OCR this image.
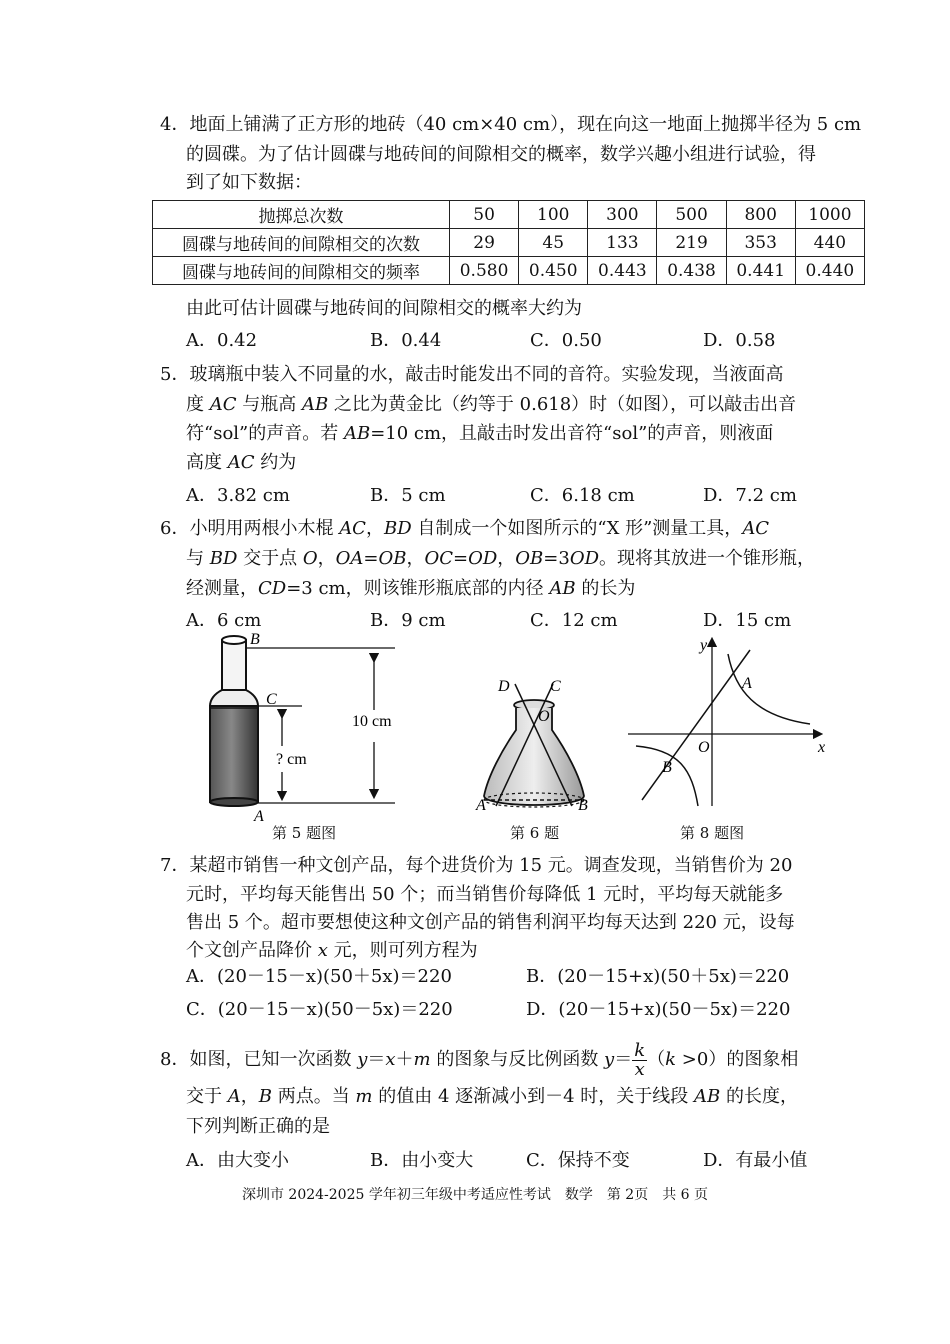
4．地面上铺满了正方形的地砖（40 cm×40 cm），现在向这一地面上抛掷半径为 5 cm
的圆碟。为了估计圆碟与地砖间的间隙相交的概率，数学兴趣小组进行试验，得
到了如下数据：
抛掷总次数	50	100	300	500	800	1000
圆碟与地砖间的间隙相交的次数	29	45	133	219	353	440
圆碟与地砖间的间隙相交的频率	0.580	0.450	0.443	0.438	0.441	0.440
由此可估计圆碟与地砖间的间隙相交的概率大约为
A．0.42	B．0.44	C．0.50	D．0.58
5．玻璃瓶中装入不同量的水，敲击时能发出不同的音符。实验发现，当液面高
度 AC 与瓶高 AB 之比为黄金比（约等于 0.618）时（如图），可以敲击出音
符“sol”的声音。若 AB=10 cm，且敲击时发出音符“sol”的声音，则液面
高度 AC 约为
A．3.82 cm	B．5 cm	C．6.18 cm	D．7.2 cm
6．小明用两根小木棍 AC，BD 自制成一个如图所示的“X 形”测量工具，AC
与 BD 交于点 O，OA=OB，OC=OD，OB=3OD。现将其放进一个锥形瓶，
经测量，CD=3 cm，则该锥形瓶底部的内径 AB 的长为
A．6 cm	B．9 cm	C．12 cm	D．15 cm
B
C
A
10 cm
? cm
D	C
O
A	B
y
x
O
A
B
第 5 题图	第 6 题	第 8 题图
7．某超市销售一种文创产品，每个进货价为 15 元。调查发现，当销售价为 20
元时，平均每天能售出 50 个；而当销售价每降低 1 元时，平均每天就能多
售出 5 个。超市要想使这种文创产品的销售利润平均每天达到 220 元，设每
个文创产品降价 x 元，则可列方程为
A．(20－15－x)(50＋5x)＝220	B．(20－15+x)(50＋5x)＝220
C．(20－15－x)(50－5x)＝220	D．(20－15+x)(50－5x)＝220
8．如图，已知一次函数 y＝x＋m 的图象与反比例函数 $y= \frac{k}{x} (k >0)$的图象相
交于 A，B 两点。当 m 的值由 4 逐渐减小到－4 时，关于线段 AB 的长度，
下列判断正确的是
A．由大变小	B．由小变大	C．保持不变	D．有最小值
深圳市 2024-2025 学年初三年级中考适应性考试　数学　第 2页　共 6 页
